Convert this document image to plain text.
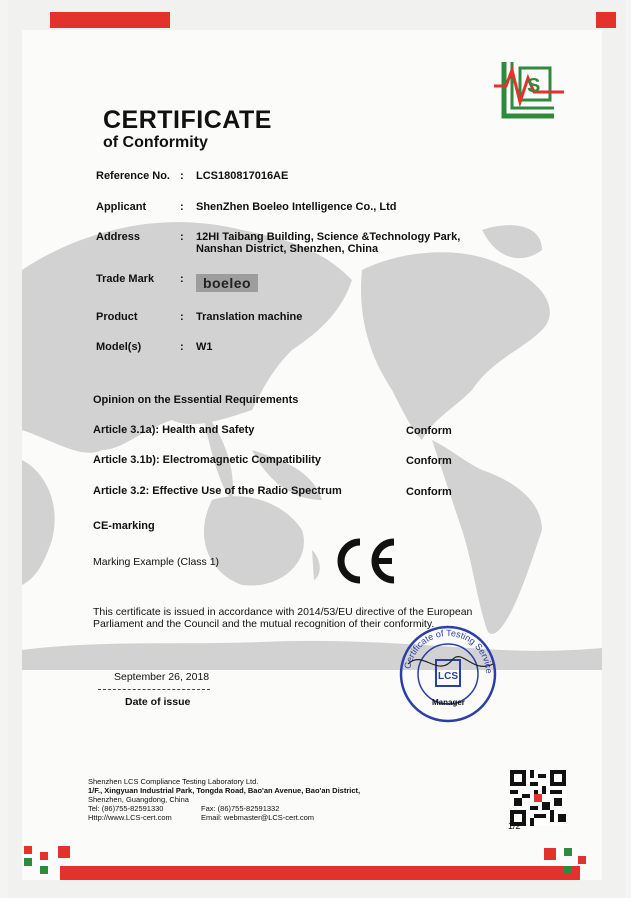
S
CERTIFICATE
of Conformity
Reference No. : LCS180817016AE
Applicant	: ShenZhen Boeleo Intelligence Co., Ltd
Address	: 12HI Taibang Building, Science &Technology Park, Nanshan District, Shenzhen, China
Trade Mark :	boeleo
Product	: Translation machine
Model(s)	: W1
Opinion on the Essential Requirements
Article 3.1a): Health and Safety	Conform
Article 3.1b): Electromagnetic Compatibility	Conform
Article 3.2: Effective Use of the Radio Spectrum	Conform
CE-marking
Marking Example (Class 1)
This certificate is issued in accordance with 2014/53/EU directive of the European Parliament and the Council and the mutual recognition of their conformity.
September 26, 2018
Date of issue
Certificate of Testing Service
LCS
Manager
Shenzhen LCS Compliance Testing Laboratory Ltd.
1/F., Xingyuan Industrial Park, Tongda Road, Bao'an Avenue, Bao'an District,
Shenzhen, Guangdong, China
Tel: (86)755-82591330	Fax: (86)755-82591332
Http://www.LCS-cert.com	Email: webmaster@LCS-cert.com
1/2
